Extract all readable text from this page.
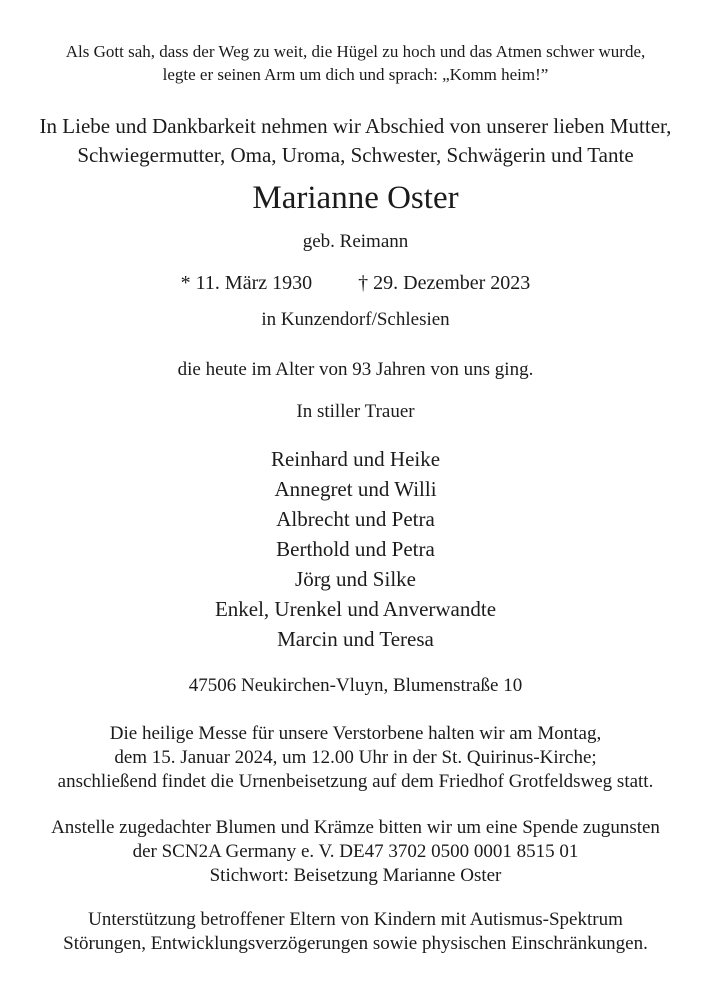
Als Gott sah, dass der Weg zu weit, die Hügel zu hoch und das Atmen schwer wurde,
legte er seinen Arm um dich und sprach: „Komm heim!”
In Liebe und Dankbarkeit nehmen wir Abschied von unserer lieben Mutter,
Schwiegermutter, Oma, Uroma, Schwester, Schwägerin und Tante
Marianne Oster
geb. Reimann
* 11. März 1930 † 29. Dezember 2023
in Kunzendorf/Schlesien
die heute im Alter von 93 Jahren von uns ging.
In stiller Trauer
Reinhard und Heike
Annegret und Willi
Albrecht und Petra
Berthold und Petra
Jörg und Silke
Enkel, Urenkel und Anverwandte
Marcin und Teresa
47506 Neukirchen-Vluyn, Blumenstraße 10
Die heilige Messe für unsere Verstorbene halten wir am Montag,
dem 15. Januar 2024, um 12.00 Uhr in der St. Quirinus-Kirche;
anschließend findet die Urnenbeisetzung auf dem Friedhof Grotfeldsweg statt.
Anstelle zugedachter Blumen und Krämze bitten wir um eine Spende zugunsten
der SCN2A Germany e. V. DE47 3702 0500 0001 8515 01
Stichwort: Beisetzung Marianne Oster
Unterstützung betroffener Eltern von Kindern mit Autismus-Spektrum
Störungen, Entwicklungsverzögerungen sowie physischen Einschränkungen.
